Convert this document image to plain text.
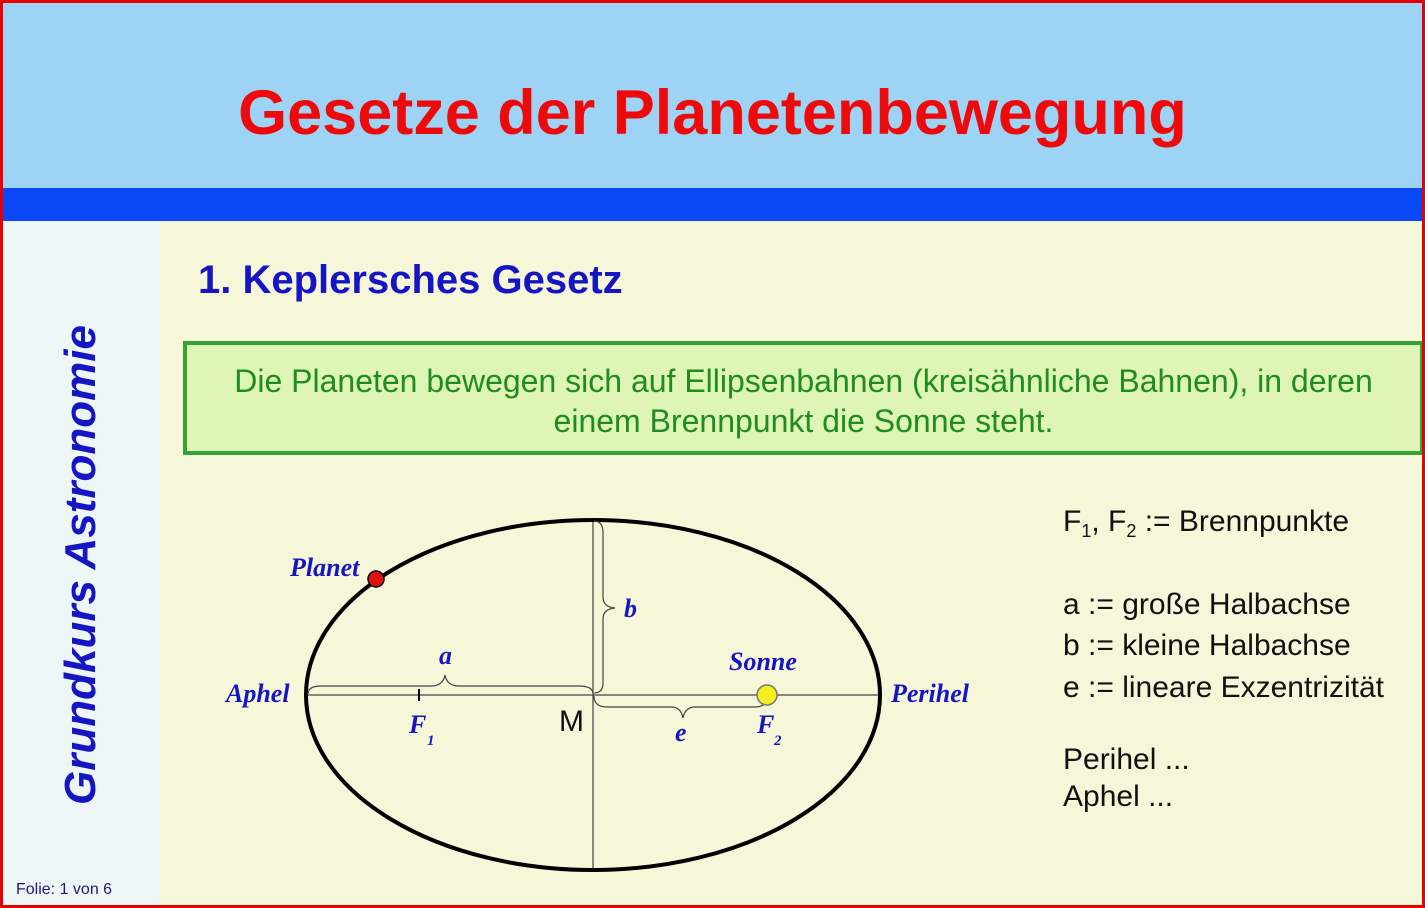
Gesetze der Planetenbewegung
Grundkurs Astronomie
Folie: 1 von 6
1. Keplersches Gesetz
Die Planeten bewegen sich auf Ellipsenbahnen (kreisähnliche Bahnen), in deren einem Brennpunkt die Sonne steht.
Planet
Sonne
Aphel	Perihel
a
b
e
F
1
F
2
M
$F_1$, $F_2$ := Brennpunkte
a := große Halbachse
b := kleine Halbachse
e := lineare Exzentrizität
Perihel ...
Aphel ...
